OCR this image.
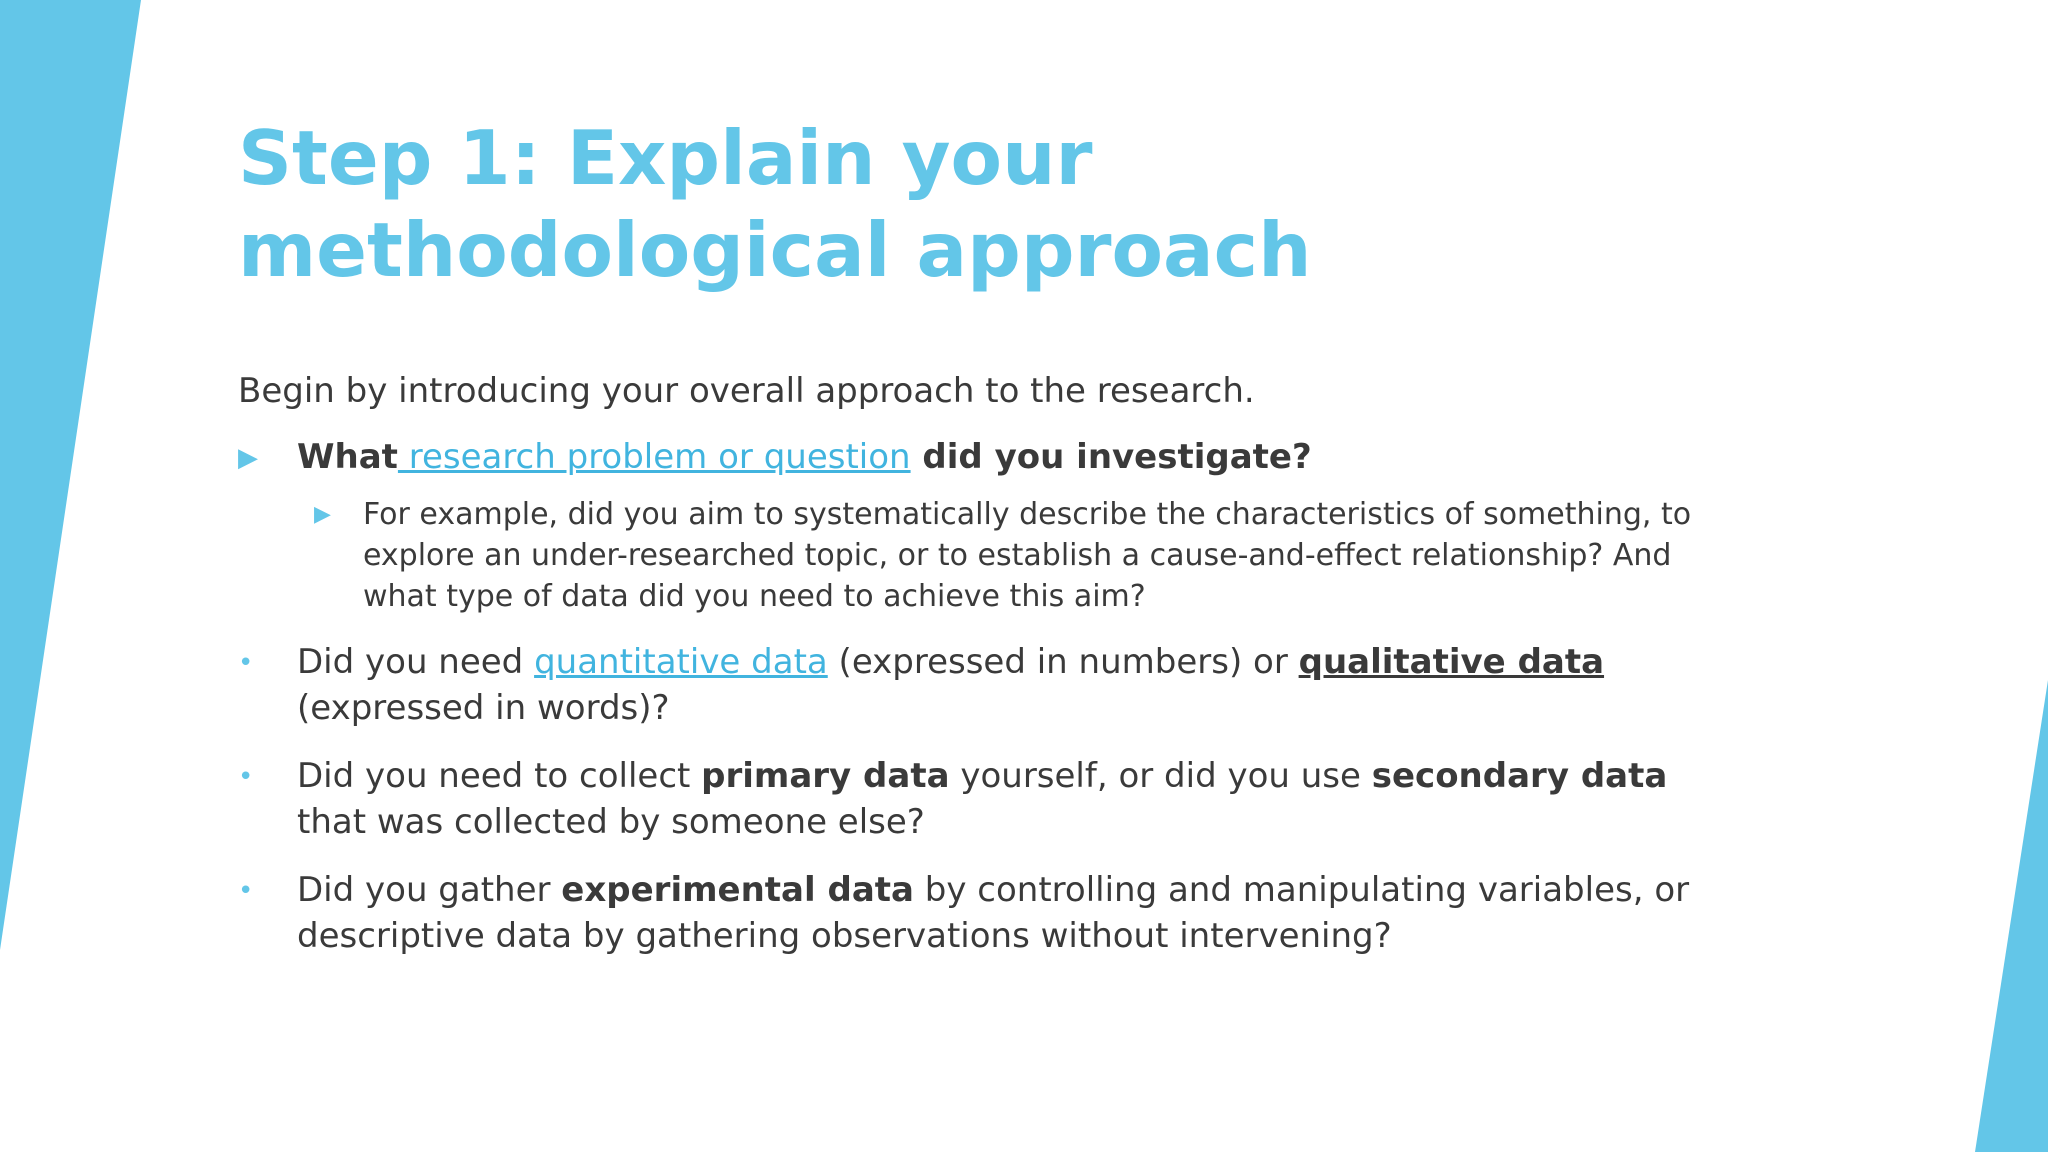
Step 1: Explain your methodological approach

Begin by introducing your overall approach to the research.

▶ What research problem or question did you investigate?
▶ For example, did you aim to systematically describe the characteristics of something, to explore an under-researched topic, or to establish a cause-and-effect relationship? And what type of data did you need to achieve this aim?
• Did you need quantitative data (expressed in numbers) or qualitative data (expressed in words)?
• Did you need to collect primary data yourself, or did you use secondary data that was collected by someone else?
• Did you gather experimental data by controlling and manipulating variables, or descriptive data by gathering observations without intervening?
